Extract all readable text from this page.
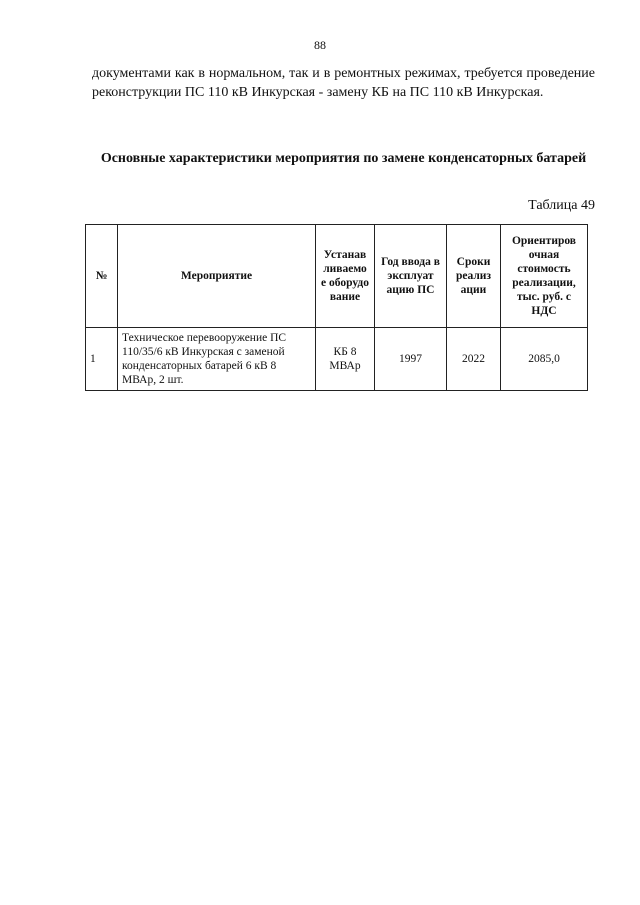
88
документами как в нормальном, так и в ремонтных режимах, требуется проведение реконструкции ПС 110 кВ Инкурская - замену КБ на ПС 110 кВ Инкурская.
Основные характеристики мероприятия по замене конденсаторных батарей
Таблица 49
№	Мероприятие	Устанав ливаемо е оборудо вание	Год ввода в эксплуат ацию ПС	Сроки реализ ации	Ориентиров очная стоимость реализации, тыс. руб. с НДС
1	Техническое перевооружение ПС 110/35/6 кВ Инкурская с заменой конденсаторных батарей 6 кВ 8 МВАр, 2 шт.	КБ 8 МВАр	1997	2022	2085,0
